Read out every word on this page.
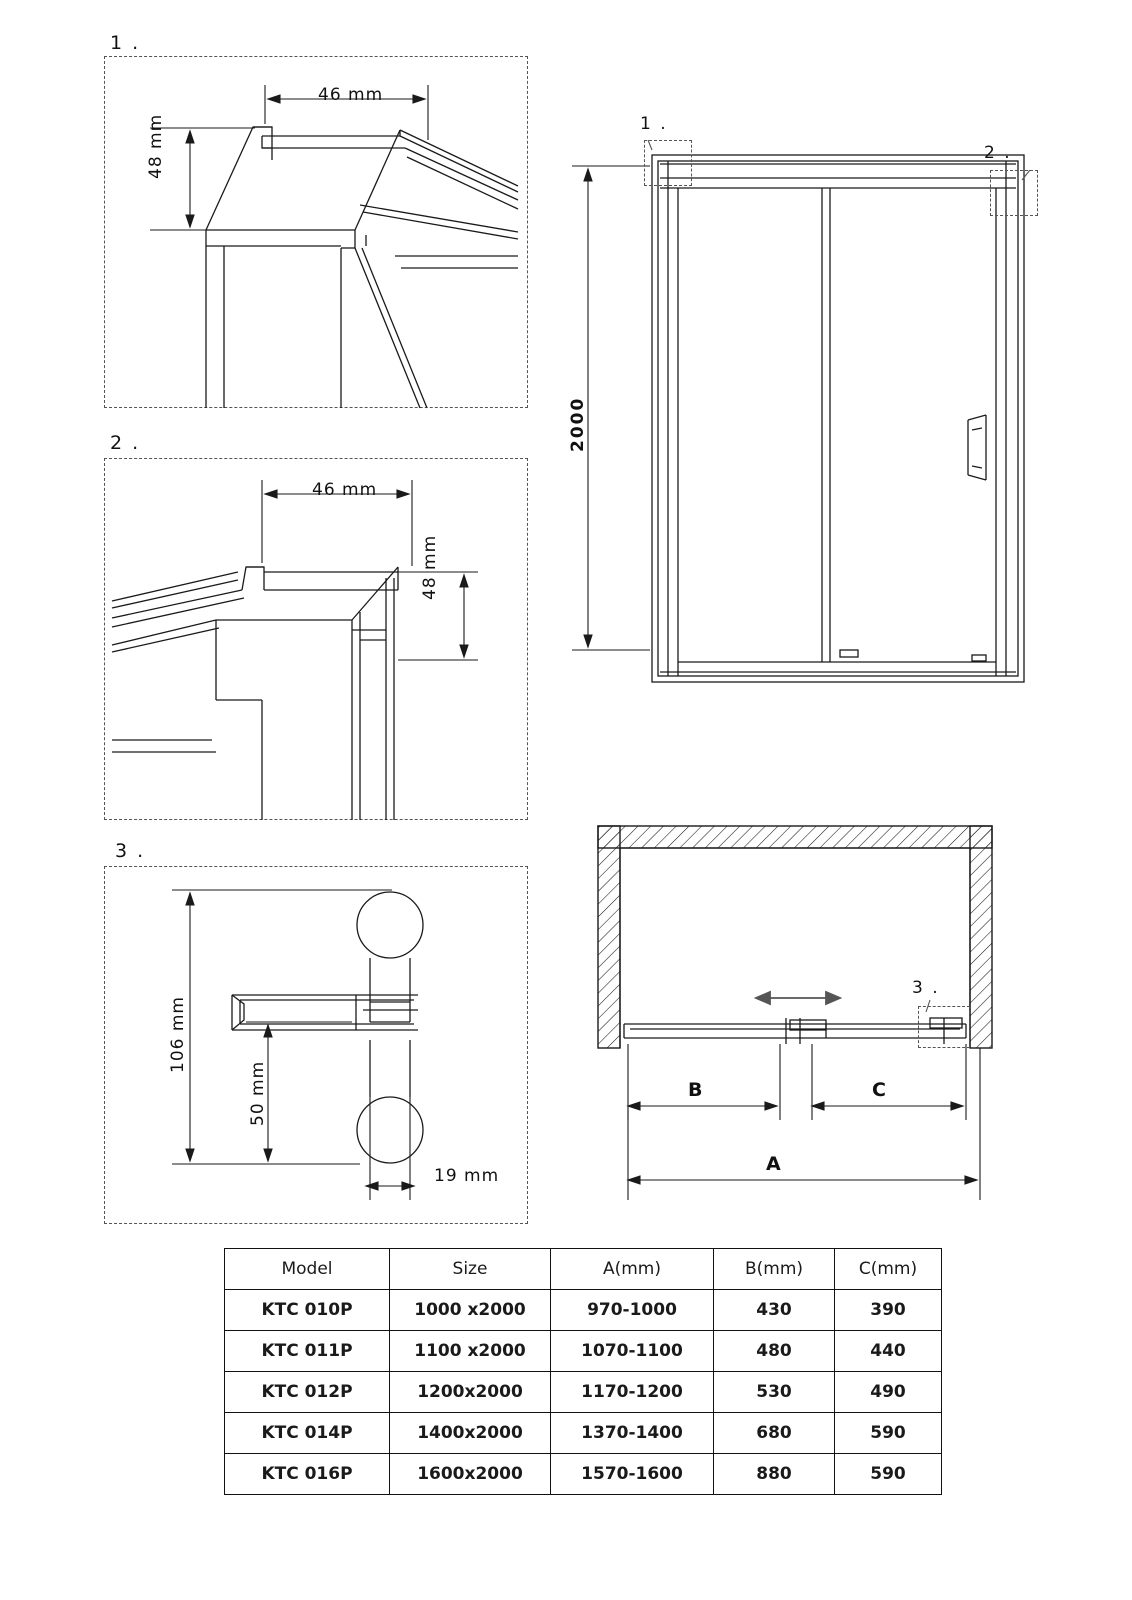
1 .
46 mm
48 mm
2 .
46 mm
48 mm
3 .
106 mm
50 mm
19 mm
1 .
2 .
2000
3 .
B	C
A
Model	Size	A(mm)	B(mm)	C(mm)
KTC 010P	1000 x2000	970-1000	430	390
KTC 011P	1100 x2000	1070-1100	480	440
KTC 012P	1200x2000	1170-1200	530	490
KTC 014P	1400x2000	1370-1400	680	590
KTC 016P	1600x2000	1570-1600	880	590
